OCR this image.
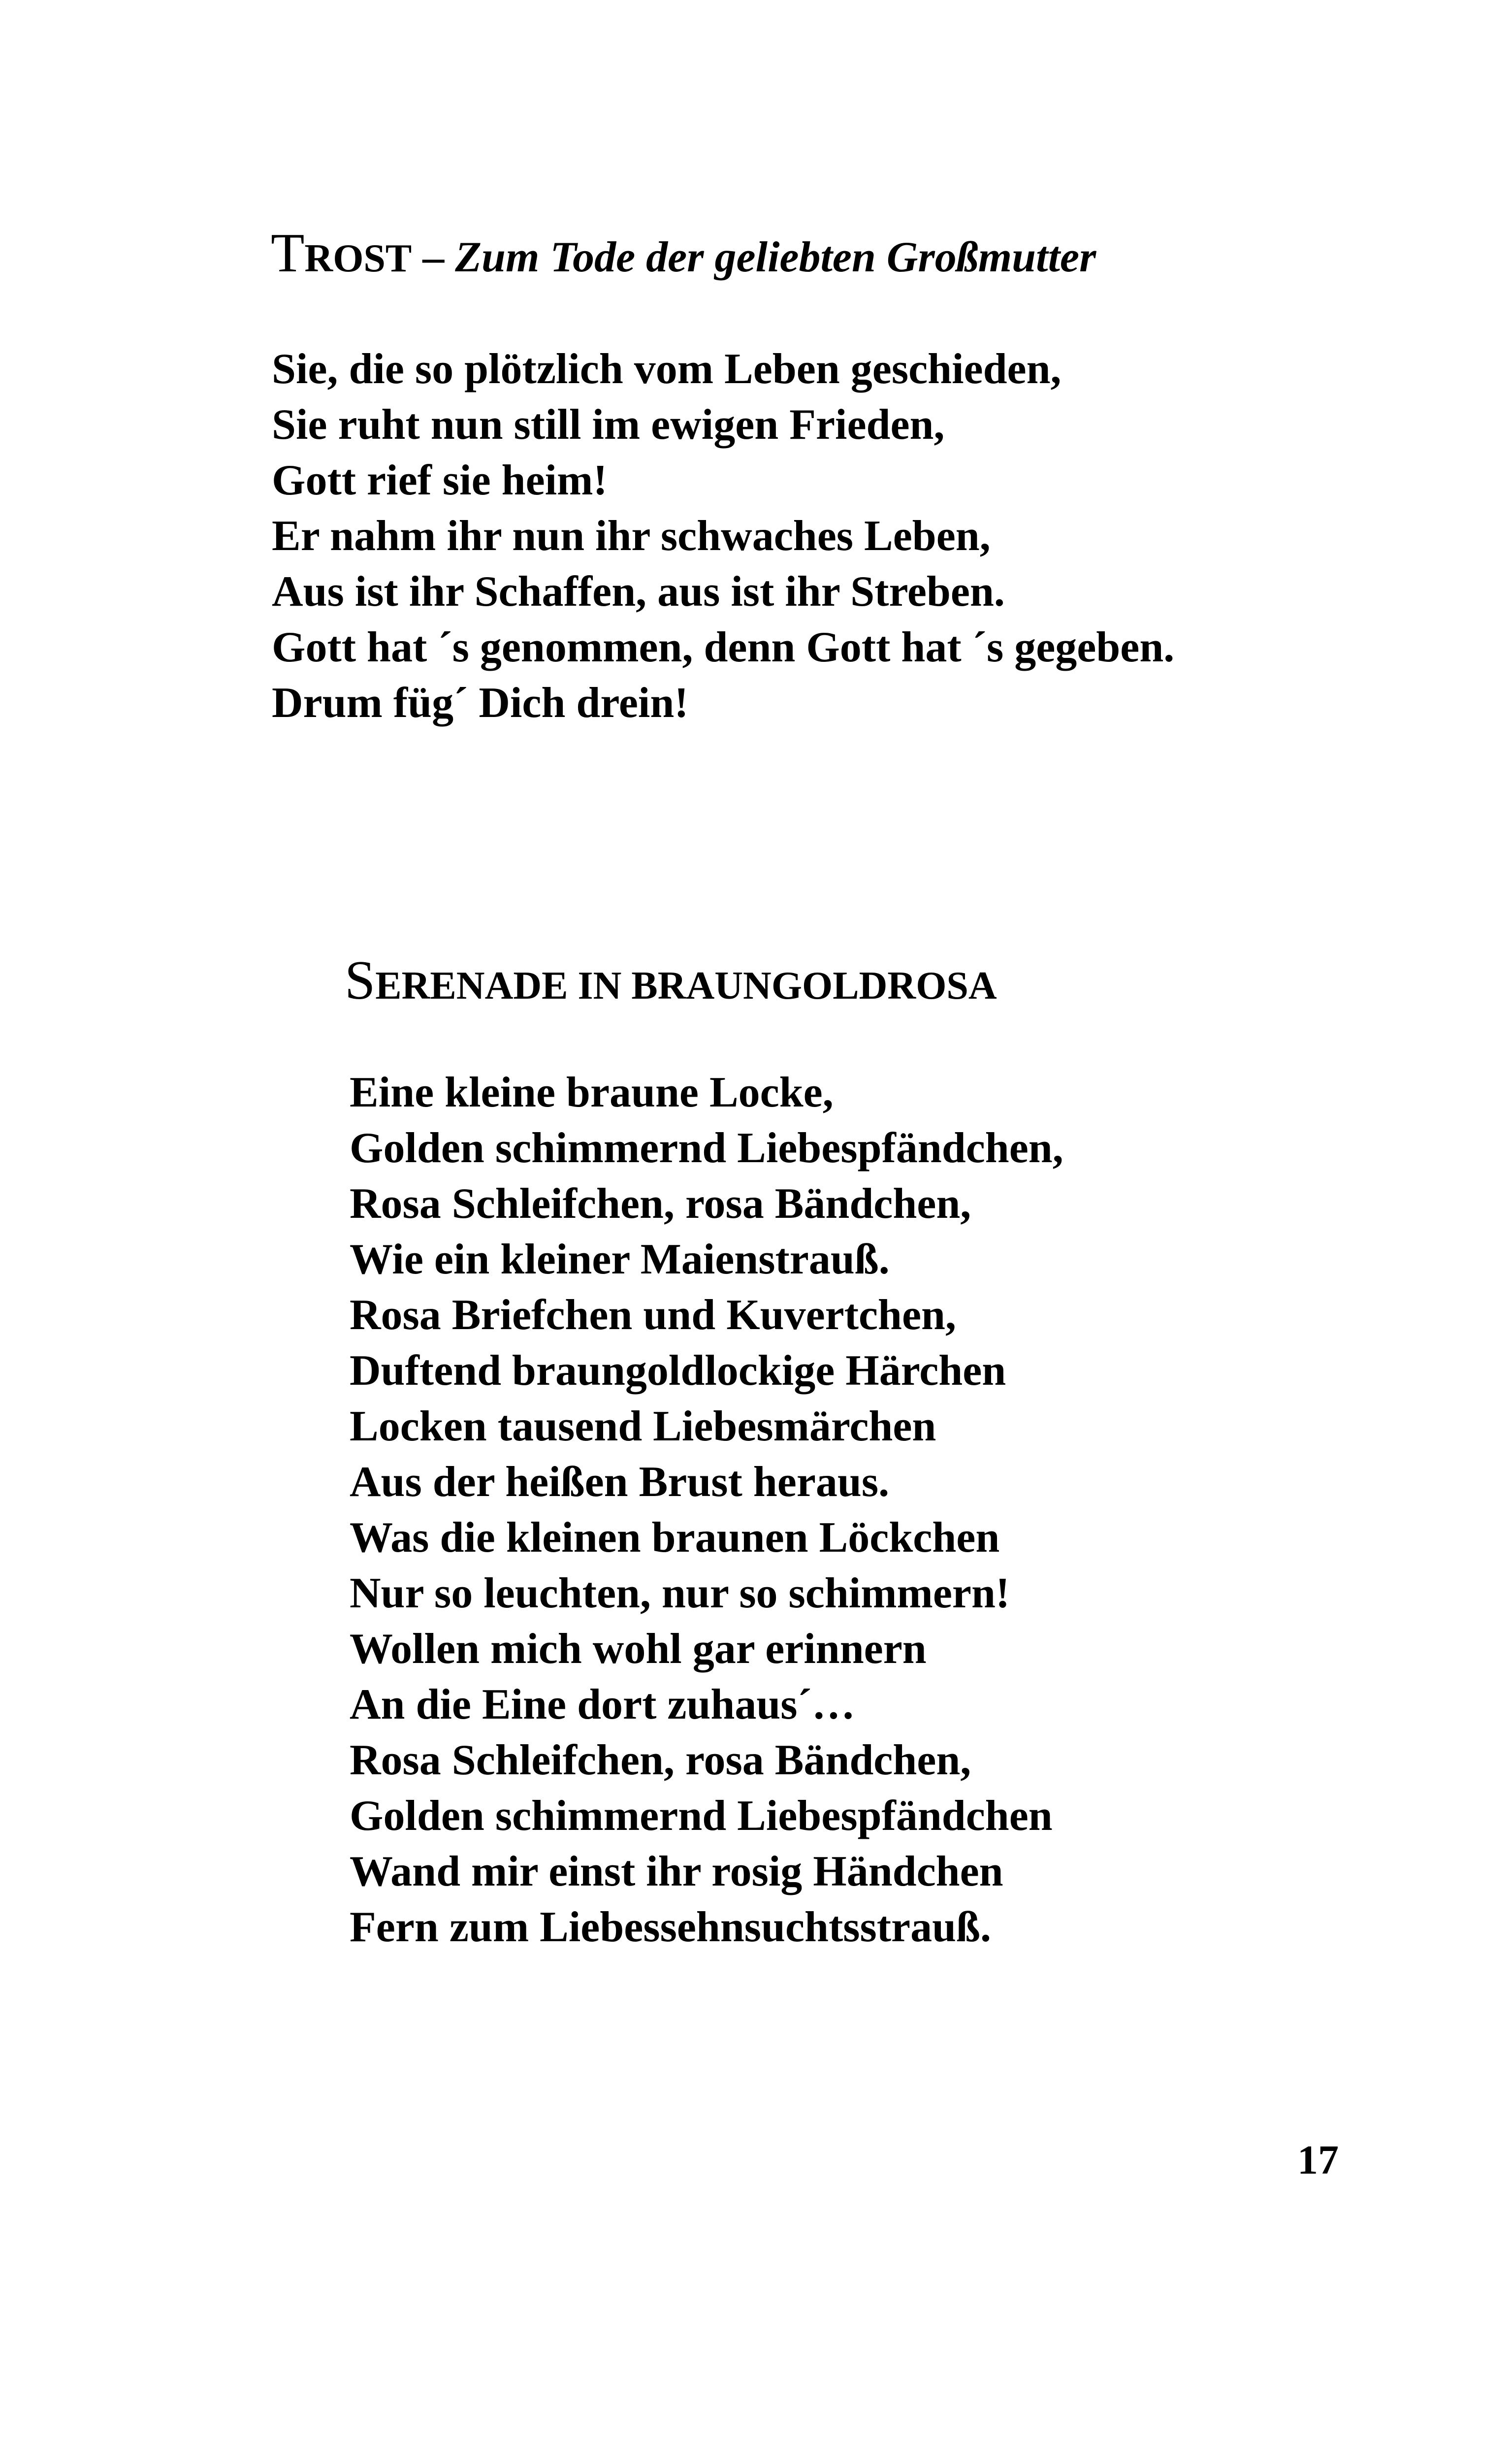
TROST – Zum Tode der geliebten Großmutter
Sie, die so plötzlich vom Leben geschieden,
Sie ruht nun still im ewigen Frieden,
Gott rief sie heim!
Er nahm ihr nun ihr schwaches Leben,
Aus ist ihr Schaffen, aus ist ihr Streben.
Gott hat ´s genommen, denn Gott hat ´s gegeben.
Drum füg´ Dich drein!
SERENADE IN BRAUNGOLDROSA
Eine kleine braune Locke,
Golden schimmernd Liebespfändchen,
Rosa Schleifchen, rosa Bändchen,
Wie ein kleiner Maienstrauß.
Rosa Briefchen und Kuvertchen,
Duftend braungoldlockige Härchen
Locken tausend Liebesmärchen
Aus der heißen Brust heraus.
Was die kleinen braunen Löckchen
Nur so leuchten, nur so schimmern!
Wollen mich wohl gar erinnern
An die Eine dort zuhaus´…
Rosa Schleifchen, rosa Bändchen,
Golden schimmernd Liebespfändchen
Wand mir einst ihr rosig Händchen
Fern zum Liebessehnsuchtsstrauß.
17
